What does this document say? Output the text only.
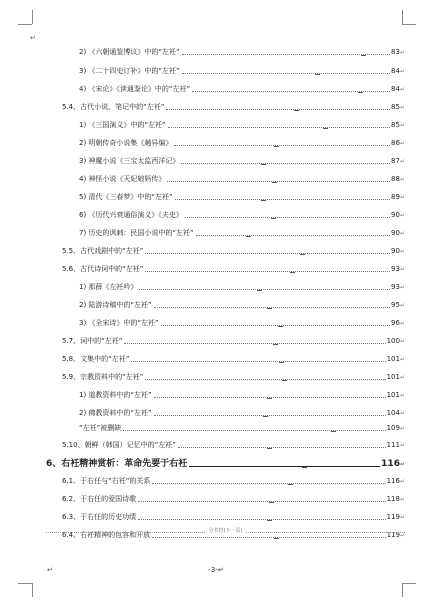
↵
↵
2) 《六朝通鉴博议》中的“左衽”	83 ↵
3) 《二十四史订补》中的“左衽”	84 ↵
4) 《宋论》《读通鉴论》中的“左衽”	84 ↵
5.4、古代小说、笔记中的“左衽”	85 ↵
1) 《三国演义》中的“左衽”	85 ↵
2) 明朝传奇小说集《趟异编》	86 ↵
3) 神魔小说《三宝太监西洋记》	87 ↵
4) 神怪小说《天妃娘妈传》	88 ↵
5) 清代《三春梦》中的“左衽”	89 ↵
6) 《历代兴衰通俗演义》《夫史》	90 ↵
7) 历史的讽刺：民国小说中的“左衽”	90 ↵
5.5、古代戏剧中的“左衽”	90 ↵
5.6、古代诗词中的“左衽”	93 ↵
1) 那薛《左衽吟》	93 ↵
2) 陆游诗稿中的“左衽”	95 ↵
3) 《全宋诗》中的“左衽”	96 ↵
5.7、词中的“左衽”	100 ↵
5.8、文集中的“左衽”	101 ↵
5.9、宗教资料中的“左衽”	101 ↵
1) 道教资料中的“左衽”	101 ↵
2) 佛教资料中的“左衽”	104 ↵
“左衽”被删缺	109 ↵
5.10、朝鲜（韩国）记忆中的“左衽”	111 ↵
6、右衽精神赏析：革命先要于右衽	116 ↵
6.1、于右任与“右衽”的关系	116 ↵
6.2、于右任的爱国诗歌	118 ↵
6.3、于右任的历史功绩	119 ↵
6.4、右衽精神的包容和开放	119 ↵
分节符(下一页)
-3-↵
